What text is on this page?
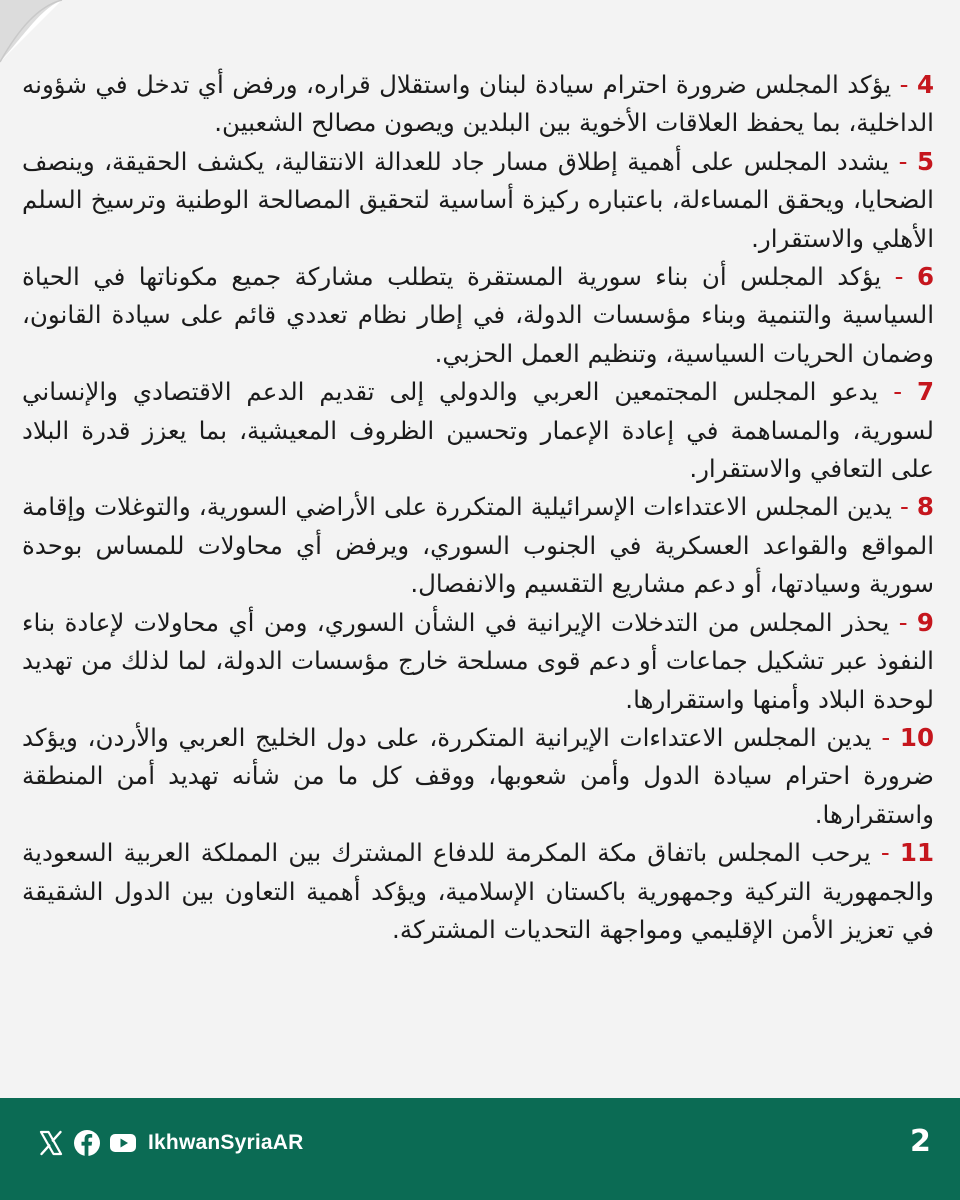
4 - يؤكد المجلس ضرورة احترام سيادة لبنان واستقلال قراره، ورفض أي تدخل في شؤونه الداخلية، بما يحفظ العلاقات الأخوية بين البلدين ويصون مصالح الشعبين.

5 - يشدد المجلس على أهمية إطلاق مسار جاد للعدالة الانتقالية، يكشف الحقيقة، وينصف الضحايا، ويحقق المساءلة، باعتباره ركيزة أساسية لتحقيق المصالحة الوطنية وترسيخ السلم الأهلي والاستقرار.

6 - يؤكد المجلس أن بناء سورية المستقرة يتطلب مشاركة جميع مكوناتها في الحياة السياسية والتنمية وبناء مؤسسات الدولة، في إطار نظام تعددي قائم على سيادة القانون، وضمان الحريات السياسية، وتنظيم العمل الحزبي.

7 - يدعو المجلس المجتمعين العربي والدولي إلى تقديم الدعم الاقتصادي والإنساني لسورية، والمساهمة في إعادة الإعمار وتحسين الظروف المعيشية، بما يعزز قدرة البلاد على التعافي والاستقرار.

8 - يدين المجلس الاعتداءات الإسرائيلية المتكررة على الأراضي السورية، والتوغلات وإقامة المواقع والقواعد العسكرية في الجنوب السوري، ويرفض أي محاولات للمساس بوحدة سورية وسيادتها، أو دعم مشاريع التقسيم والانفصال.

9 - يحذر المجلس من التدخلات الإيرانية في الشأن السوري، ومن أي محاولات لإعادة بناء النفوذ عبر تشكيل جماعات أو دعم قوى مسلحة خارج مؤسسات الدولة، لما لذلك من تهديد لوحدة البلاد وأمنها واستقرارها.

10 - يدين المجلس الاعتداءات الإيرانية المتكررة، على دول الخليج العربي والأردن، ويؤكد ضرورة احترام سيادة الدول وأمن شعوبها، ووقف كل ما من شأنه تهديد أمن المنطقة واستقرارها.

11 - يرحب المجلس باتفاق مكة المكرمة للدفاع المشترك بين المملكة العربية السعودية والجمهورية التركية وجمهورية باكستان الإسلامية، ويؤكد أهمية التعاون بين الدول الشقيقة في تعزيز الأمن الإقليمي ومواجهة التحديات المشتركة.

IkhwanSyriaAR	2
